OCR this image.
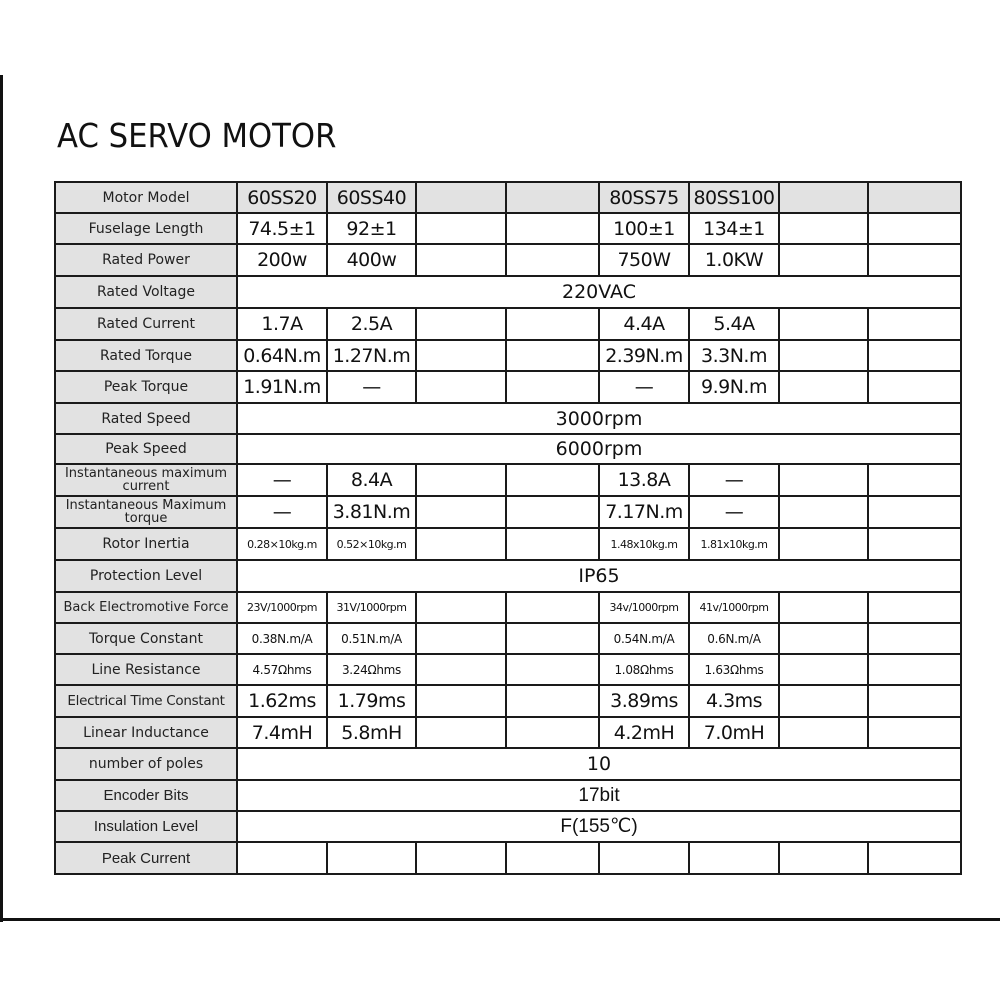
AC SERVO MOTOR
Motor Model	60SS20	60SS40			80SS75	80SS100		
Fuselage Length	74.5±1	92±1			100±1	134±1		
Rated Power	200w	400w			750W	1.0KW		
Rated Voltage	220VAC							
Rated Current	1.7A	2.5A			4.4A	5.4A		
Rated Torque	0.64N.m	1.27N.m			2.39N.m	3.3N.m		
Peak Torque	1.91N.m	—			—	9.9N.m		
Rated Speed	3000rpm							
Peak Speed	6000rpm							
Instantaneous maximum current	—	8.4A			13.8A	—		
Instantaneous Maximum torque	—	3.81N.m			7.17N.m	—		
Rotor Inertia	0.28×10kg.m	0.52×10kg.m			1.48x10kg.m	1.81x10kg.m		
Protection Level	IP65							
Back Electromotive Force	23V/1000rpm	31V/1000rpm			34v/1000rpm	41v/1000rpm		
Torque Constant	0.38N.m/A	0.51N.m/A			0.54N.m/A	0.6N.m/A		
Line Resistance	4.57Ωhms	3.24Ωhms			1.08Ωhms	1.63Ωhms		
Electrical Time Constant	1.62ms	1.79ms			3.89ms	4.3ms		
Linear Inductance	7.4mH	5.8mH			4.2mH	7.0mH		
number of poles	10							
Encoder Bits	17bit							
Insulation Level	F(155℃)							
Peak Current								
